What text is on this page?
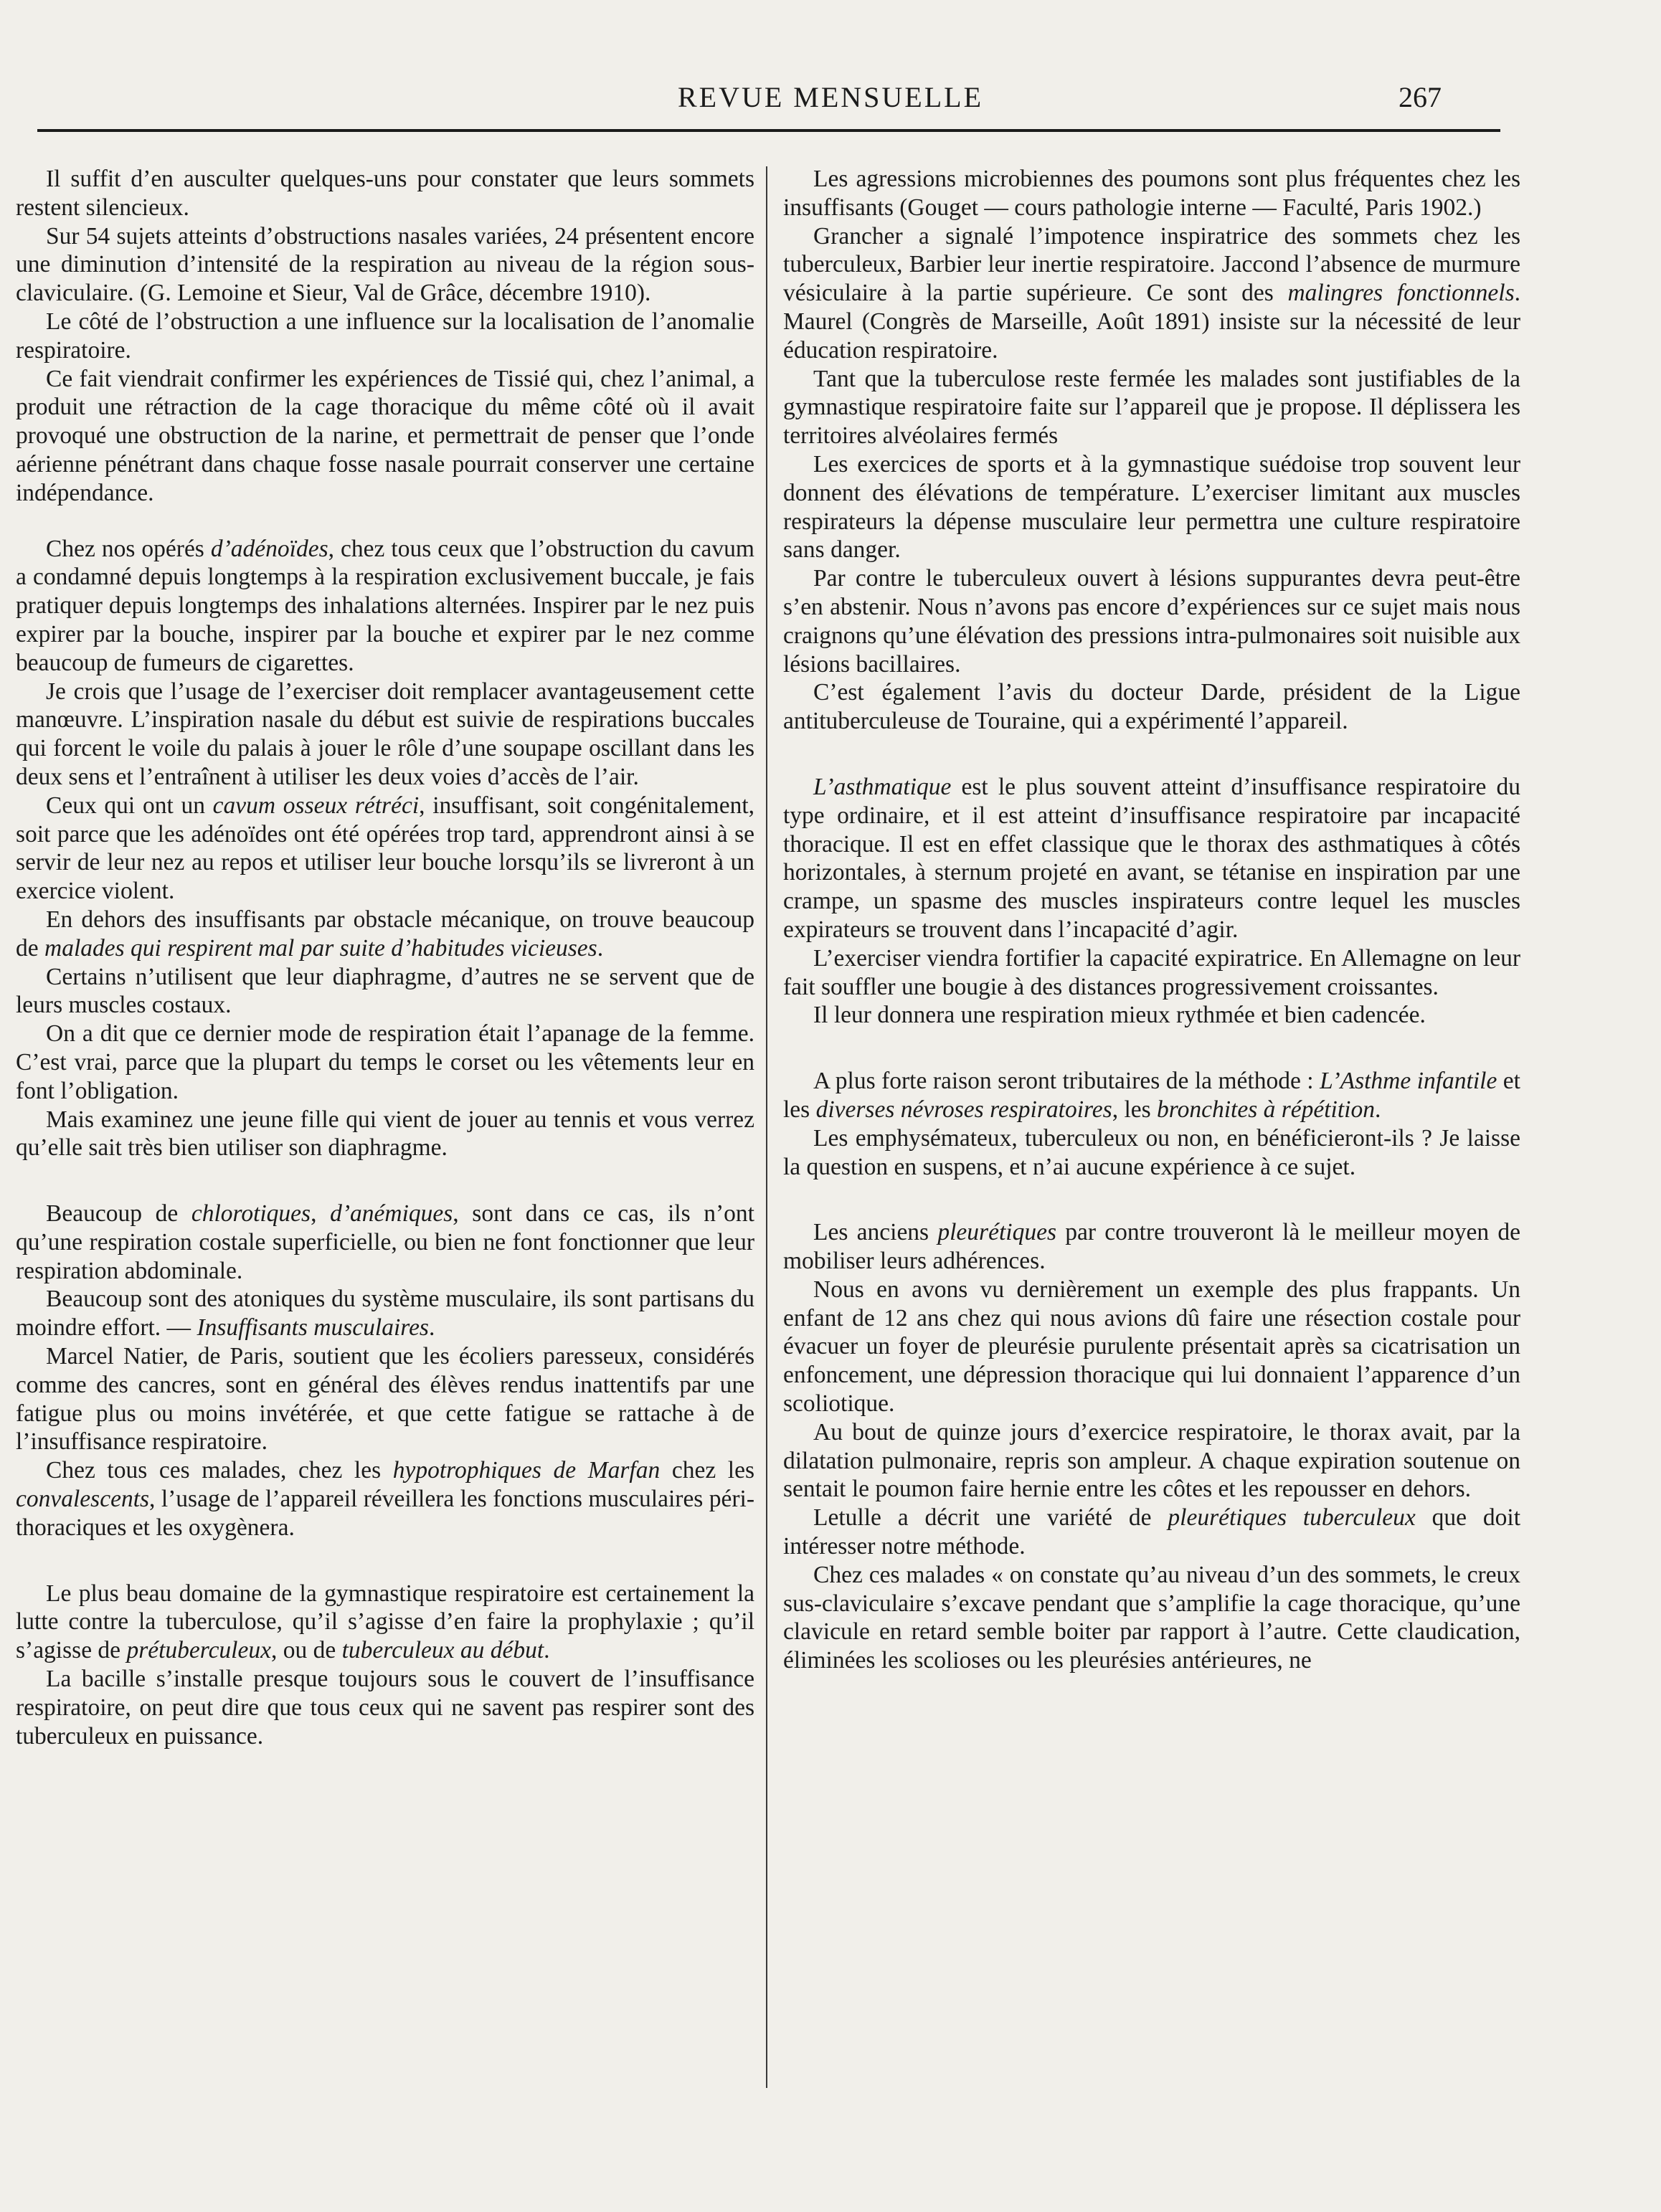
REVUE MENSUELLE	267

Il suffit d’en ausculter quelques-uns pour constater que leurs sommets restent silencieux.

Sur 54 sujets atteints d’obstructions nasales variées, 24 présentent encore une diminution d’intensité de la respiration au niveau de la région sous-claviculaire. (G. Lemoine et Sieur, Val de Grâce, décembre 1910).

Le côté de l’obstruction a une influence sur la localisation de l’anomalie respiratoire.

Ce fait viendrait confirmer les expériences de Tissié qui, chez l’animal, a produit une rétraction de la cage thoracique du même côté où il avait provoqué une obstruction de la narine, et permettrait de penser que l’onde aérienne pénétrant dans chaque fosse nasale pourrait conserver une certaine indépendance.

Chez nos opérés d’adénoïdes, chez tous ceux que l’obstruction du cavum a condamné depuis longtemps à la respiration exclusivement buccale, je fais pratiquer depuis longtemps des inhalations alternées. Inspirer par le nez puis expirer par la bouche, inspirer par la bouche et expirer par le nez comme beaucoup de fumeurs de cigarettes.

Je crois que l’usage de l’exerciser doit remplacer avantageusement cette manœuvre. L’inspiration nasale du début est suivie de respirations buccales qui forcent le voile du palais à jouer le rôle d’une soupape oscillant dans les deux sens et l’entraînent à utiliser les deux voies d’accès de l’air.

Ceux qui ont un cavum osseux rétréci, insuffisant, soit congénitalement, soit parce que les adénoïdes ont été opérées trop tard, apprendront ainsi à se servir de leur nez au repos et utiliser leur bouche lorsqu’ils se livreront à un exercice violent.

En dehors des insuffisants par obstacle mécanique, on trouve beaucoup de malades qui respirent mal par suite d’habitudes vicieuses.

Certains n’utilisent que leur diaphragme, d’autres ne se servent que de leurs muscles costaux.

On a dit que ce dernier mode de respiration était l’apanage de la femme. C’est vrai, parce que la plupart du temps le corset ou les vêtements leur en font l’obligation.

Mais examinez une jeune fille qui vient de jouer au tennis et vous verrez qu’elle sait très bien utiliser son diaphragme.

Beaucoup de chlorotiques, d’anémiques, sont dans ce cas, ils n’ont qu’une respiration costale superficielle, ou bien ne font fonctionner que leur respiration abdominale.

Beaucoup sont des atoniques du système musculaire, ils sont partisans du moindre effort. — Insuffisants musculaires.

Marcel Natier, de Paris, soutient que les écoliers paresseux, considérés comme des cancres, sont en général des élèves rendus inattentifs par une fatigue plus ou moins invétérée, et que cette fatigue se rattache à de l’insuffisance respiratoire.

Chez tous ces malades, chez les hypotrophiques de Marfan chez les convalescents, l’usage de l’appareil réveillera les fonctions musculaires péri-thoraciques et les oxygènera.

Le plus beau domaine de la gymnastique respiratoire est certainement la lutte contre la tuberculose, qu’il s’agisse d’en faire la prophylaxie ; qu’il s’agisse de prétuberculeux, ou de tuberculeux au début.

La bacille s’installe presque toujours sous le couvert de l’insuffisance respiratoire, on peut dire que tous ceux qui ne savent pas respirer sont des tuberculeux en puissance.

Les agressions microbiennes des poumons sont plus fréquentes chez les insuffisants (Gouget — cours pathologie interne — Faculté, Paris 1902.)

Grancher a signalé l’impotence inspiratrice des sommets chez les tuberculeux, Barbier leur inertie respiratoire. Jaccond l’absence de murmure vésiculaire à la partie supérieure. Ce sont des malingres fonctionnels. Maurel (Congrès de Marseille, Août 1891) insiste sur la nécessité de leur éducation respiratoire.

Tant que la tuberculose reste fermée les malades sont justifiables de la gymnastique respiratoire faite sur l’appareil que je propose. Il déplissera les territoires alvéolaires fermés

Les exercices de sports et à la gymnastique suédoise trop souvent leur donnent des élévations de température. L’exerciser limitant aux muscles respirateurs la dépense musculaire leur permettra une culture respiratoire sans danger.

Par contre le tuberculeux ouvert à lésions suppurantes devra peut-être s’en abstenir. Nous n’avons pas encore d’expériences sur ce sujet mais nous craignons qu’une élévation des pressions intra-pulmonaires soit nuisible aux lésions bacillaires.

C’est également l’avis du docteur Darde, président de la Ligue antituberculeuse de Touraine, qui a expérimenté l’appareil.

L’asthmatique est le plus souvent atteint d’insuffisance respiratoire du type ordinaire, et il est atteint d’insuffisance respiratoire par incapacité thoracique. Il est en effet classique que le thorax des asthmatiques à côtés horizontales, à sternum projeté en avant, se tétanise en inspiration par une crampe, un spasme des muscles inspirateurs contre lequel les muscles expirateurs se trouvent dans l’incapacité d’agir.

L’exerciser viendra fortifier la capacité expiratrice. En Allemagne on leur fait souffler une bougie à des distances progressivement croissantes.

Il leur donnera une respiration mieux rythmée et bien cadencée.

A plus forte raison seront tributaires de la méthode : L’Asthme infantile et les diverses névroses respiratoires, les bronchites à répétition.

Les emphysémateux, tuberculeux ou non, en bénéficieront-ils ? Je laisse la question en suspens, et n’ai aucune expérience à ce sujet.

Les anciens pleurétiques par contre trouveront là le meilleur moyen de mobiliser leurs adhérences.

Nous en avons vu dernièrement un exemple des plus frappants. Un enfant de 12 ans chez qui nous avions dû faire une résection costale pour évacuer un foyer de pleurésie purulente présentait après sa cicatrisation un enfoncement, une dépression thoracique qui lui donnaient l’apparence d’un scoliotique.

Au bout de quinze jours d’exercice respiratoire, le thorax avait, par la dilatation pulmonaire, repris son ampleur. A chaque expiration soutenue on sentait le poumon faire hernie entre les côtes et les repousser en dehors.

Letulle a décrit une variété de pleurétiques tuberculeux que doit intéresser notre méthode.

Chez ces malades « on constate qu’au niveau d’un des sommets, le creux sus-claviculaire s’excave pendant que s’amplifie la cage thoracique, qu’une clavicule en retard semble boiter par rapport à l’autre. Cette claudication, éliminées les scolioses ou les pleurésies antérieures, ne
